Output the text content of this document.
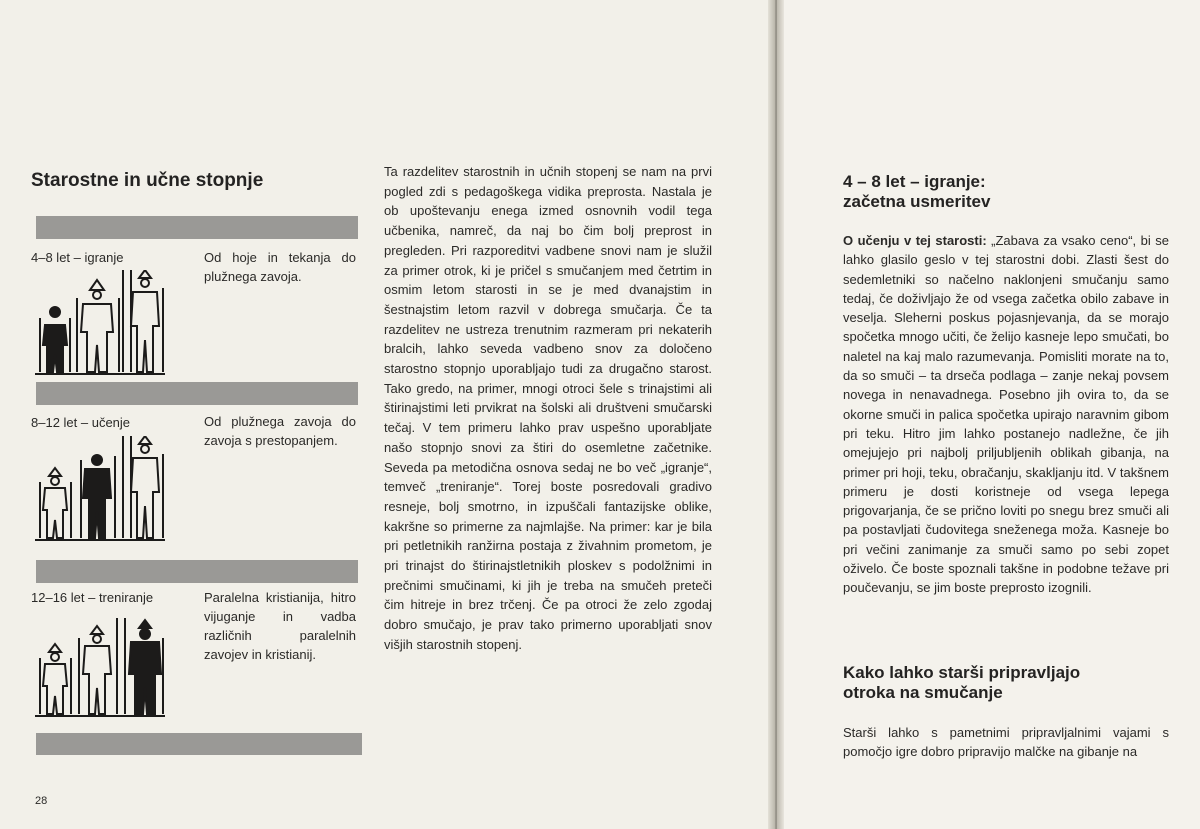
Starostne in učne stopnje
4–8 let – igranje	Od hoje in tekanja do plužnega zavoja.
8–12 let – učenje	Od plužnega zavoja do zavoja s prestopanjem.
12–16 let – treniranje	Paralelna kristianija, hitro vijuganje in vadba različnih paralelnih zavojev in kristianij.
Ta razdelitev starostnih in učnih stopenj se nam na prvi pogled zdi s pedagoškega vidika preprosta. Nastala je ob upoštevanju enega izmed osnovnih vodil tega učbenika, namreč, da naj bo čim bolj preprost in pregleden. Pri razporeditvi vadbene snovi nam je služil za primer otrok, ki je pričel s smučanjem med četrtim in osmim letom starosti in se je med dvanajstim in šestnajstim letom razvil v dobrega smučarja. Če ta razdelitev ne ustreza trenutnim razmeram pri nekaterih bralcih, lahko seveda vadbeno snov za določeno starostno stopnjo uporabljajo tudi za drugačno starost. Tako gredo, na primer, mnogi otroci šele s trinajstimi ali štirinajstimi leti prvikrat na šolski ali društveni smučarski tečaj. V tem primeru lahko prav uspešno uporabljate našo stopnjo snovi za štiri do osemletne začetnike. Seveda pa metodična osnova sedaj ne bo več „igranje“, temveč „treniranje“. Torej boste posredovali gradivo resneje, bolj smotrno, in izpuščali fantazijske oblike, kakršne so primerne za najmlajše. Na primer: kar je bila pri petletnikih ranžirna postaja z živahnim prometom, je pri trinajst do štirinajstletnikih ploskev s podolžnimi in prečnimi smučinami, ki jih je treba na smučeh preteči čim hitreje in brez trčenj. Če pa otroci že zelo zgodaj dobro smučajo, je prav tako primerno uporabljati snov višjih starostnih stopenj.
28
4 – 8 let – igranje: začetna usmeritev
O učenju v tej starosti: „Zabava za vsako ceno“, bi se lahko glasilo geslo v tej starostni dobi. Zlasti šest do sedemletniki so načelno naklonjeni smučanju samo tedaj, če doživljajo že od vsega začetka obilo zabave in veselja. Sleherni poskus pojasnjevanja, da se morajo spočetka mnogo učiti, če želijo kasneje lepo smučati, bo naletel na kaj malo razumevanja. Pomisliti morate na to, da so smuči – ta drseča podlaga – zanje nekaj povsem novega in nenavadnega. Posebno jih ovira to, da se okorne smuči in palica spočetka upirajo naravnim gibom pri teku. Hitro jim lahko postanejo nadležne, če jih omejujejo pri najbolj priljubljenih oblikah gibanja, na primer pri hoji, teku, obračanju, skakljanju itd. V takšnem primeru je dosti koristneje od vsega lepega prigovarjanja, če se prično loviti po snegu brez smuči ali pa postavljati čudovitega sneženega moža. Kasneje bo pri večini zanimanje za smuči samo po sebi zopet oživelo. Če boste spoznali takšne in podobne težave pri poučevanju, se jim boste preprosto izognili.
Kako lahko starši pripravljajo otroka na smučanje
Starši lahko s pametnimi pripravljalnimi vajami s pomočjo igre dobro pripravijo malčke na gibanje na
